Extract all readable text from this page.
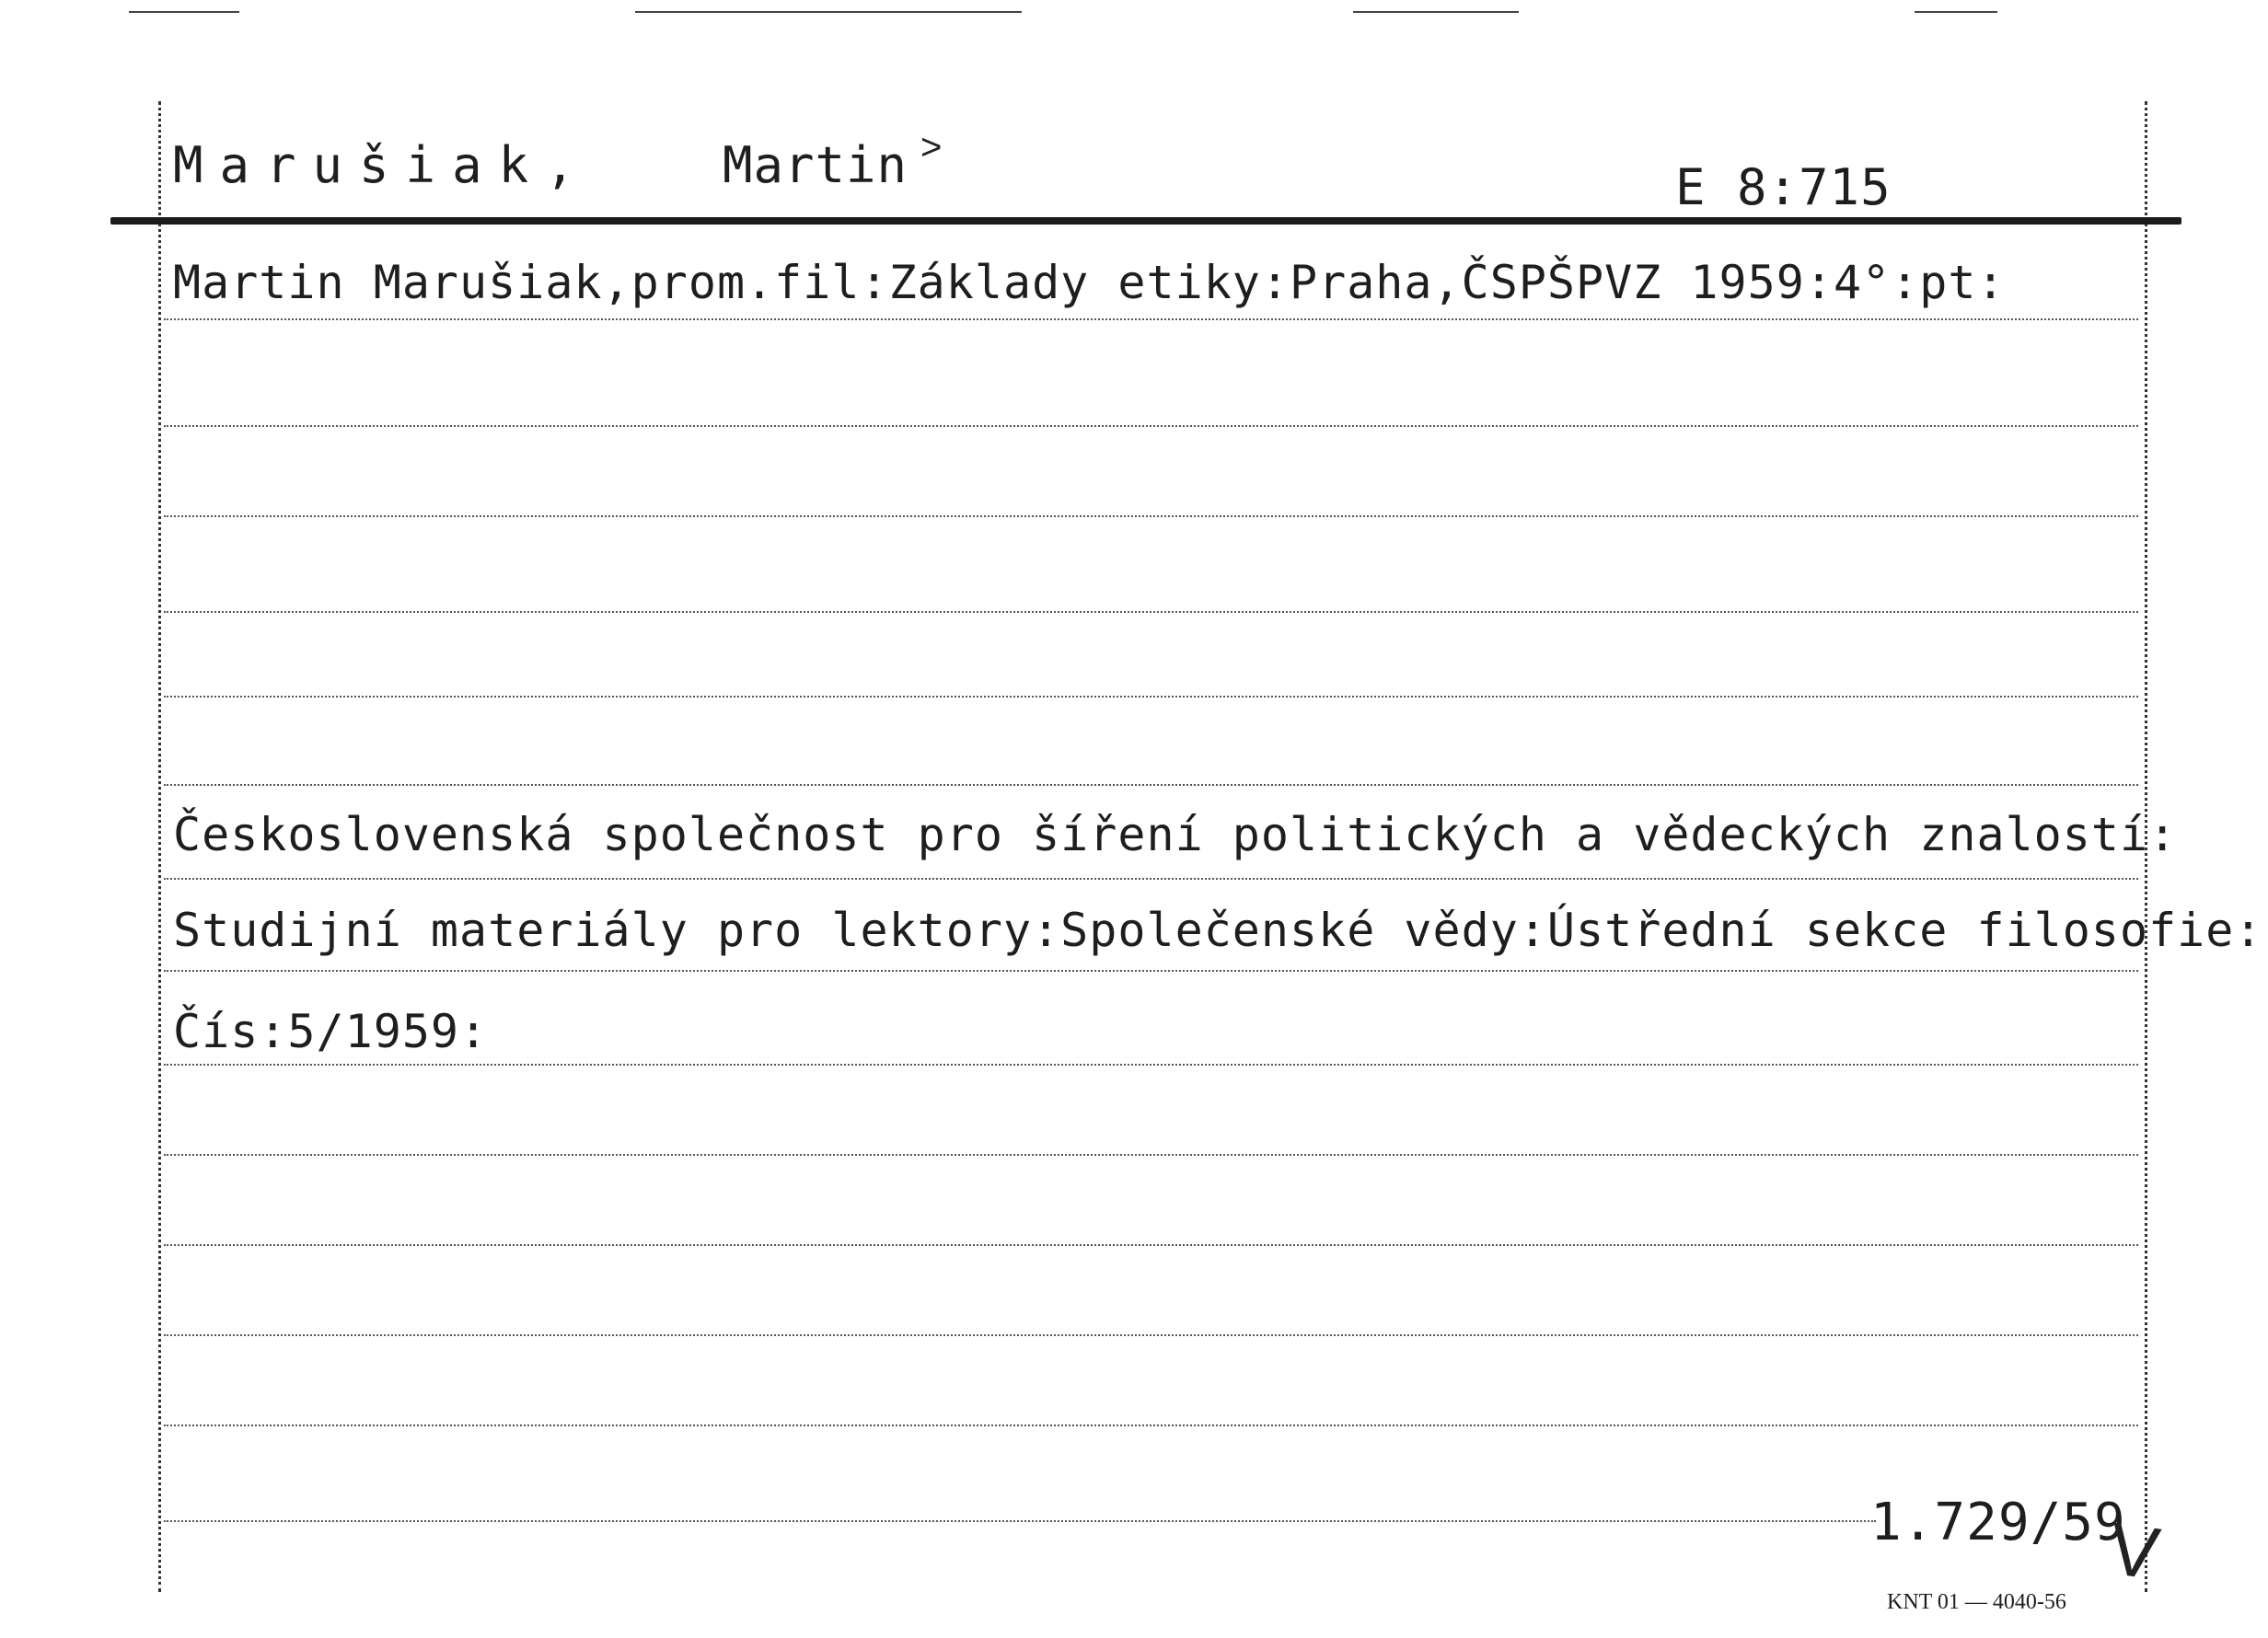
Marušiak,	Martin >
E 8:715
Martin Marušiak,prom.fil:Základy etiky:Praha,ČSPŠPVZ 1959:4°:pt:
Československá společnost pro šíření politických a vědeckých znalostí:
Studijní materiály pro lektory:Společenské vědy:Ústřední sekce filosofie:
Čís:5/1959:
1.729/59
V
KNT 01 — 4040-56
